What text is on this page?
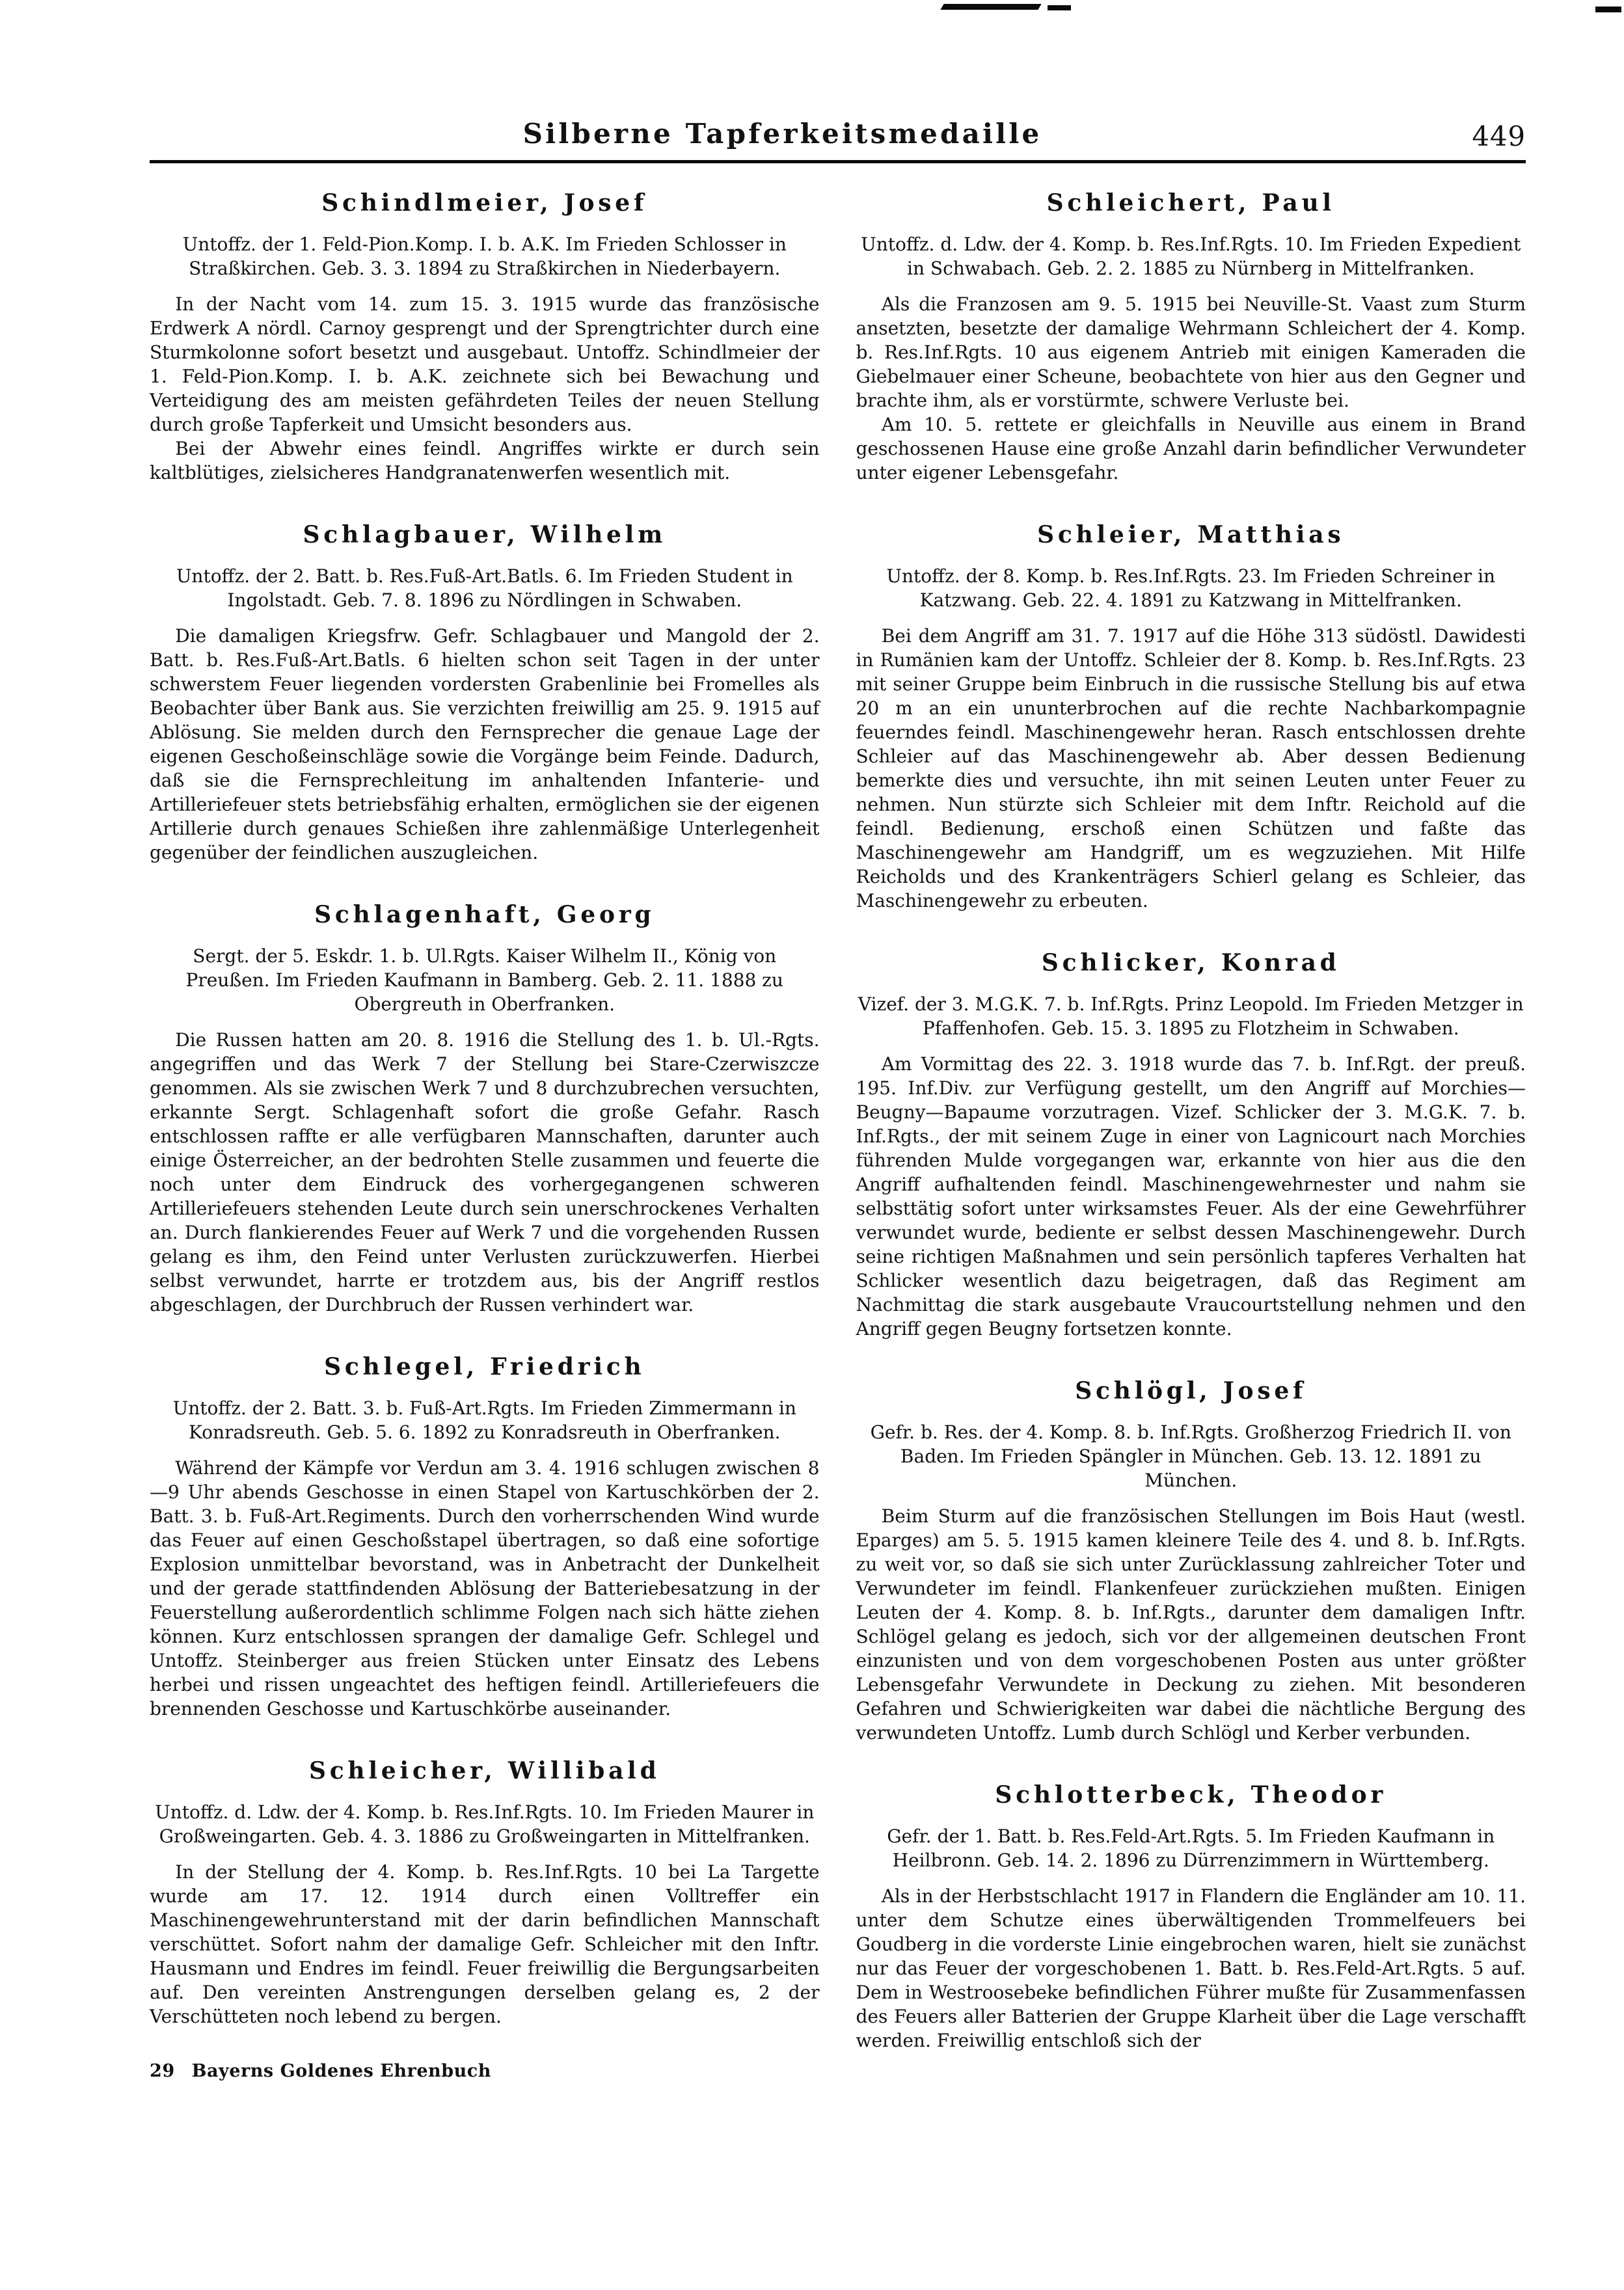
Silberne Tapferkeitsmedaille	449
Schindlmeier, Josef

Untoffz. der 1. Feld-Pion.Komp. I. b. A.K. Im Frieden Schlosser in Straßkirchen. Geb. 3. 3. 1894 zu Straßkirchen in Niederbayern.

In der Nacht vom 14. zum 15. 3. 1915 wurde das französische Erdwerk A nördl. Carnoy gesprengt und der Sprengtrichter durch eine Sturmkolonne sofort besetzt und ausgebaut. Untoffz. Schindlmeier der 1. Feld-Pion.Komp. I. b. A.K. zeichnete sich bei Bewachung und Verteidigung des am meisten gefährdeten Teiles der neuen Stellung durch große Tapferkeit und Umsicht besonders aus.

Bei der Abwehr eines feindl. Angriffes wirkte er durch sein kaltblütiges, zielsicheres Handgranatenwerfen wesentlich mit.

Schlagbauer, Wilhelm

Untoffz. der 2. Batt. b. Res.Fuß-Art.Batls. 6. Im Frieden Student in Ingolstadt. Geb. 7. 8. 1896 zu Nördlingen in Schwaben.

Die damaligen Kriegsfrw. Gefr. Schlagbauer und Mangold der 2. Batt. b. Res.Fuß-Art.Batls. 6 hielten schon seit Tagen in der unter schwerstem Feuer liegenden vordersten Grabenlinie bei Fromelles als Beobachter über Bank aus. Sie verzichten freiwillig am 25. 9. 1915 auf Ablösung. Sie melden durch den Fernsprecher die genaue Lage der eigenen Geschoßeinschläge sowie die Vorgänge beim Feinde. Dadurch, daß sie die Fernsprechleitung im anhaltenden Infanterie- und Artilleriefeuer stets betriebsfähig erhalten, ermöglichen sie der eigenen Artillerie durch genaues Schießen ihre zahlenmäßige Unterlegenheit gegenüber der feindlichen auszugleichen.

Schlagenhaft, Georg

Sergt. der 5. Eskdr. 1. b. Ul.Rgts. Kaiser Wilhelm II., König von Preußen. Im Frieden Kaufmann in Bamberg. Geb. 2. 11. 1888 zu Obergreuth in Oberfranken.

Die Russen hatten am 20. 8. 1916 die Stellung des 1. b. Ul.-Rgts. angegriffen und das Werk 7 der Stellung bei Stare-Czerwiszcze genommen. Als sie zwischen Werk 7 und 8 durchzubrechen versuchten, erkannte Sergt. Schlagenhaft sofort die große Gefahr. Rasch entschlossen raffte er alle verfügbaren Mannschaften, darunter auch einige Österreicher, an der bedrohten Stelle zusammen und feuerte die noch unter dem Eindruck des vorhergegangenen schweren Artilleriefeuers stehenden Leute durch sein unerschrockenes Verhalten an. Durch flankierendes Feuer auf Werk 7 und die vorgehenden Russen gelang es ihm, den Feind unter Verlusten zurückzuwerfen. Hierbei selbst verwundet, harrte er trotzdem aus, bis der Angriff restlos abgeschlagen, der Durchbruch der Russen verhindert war.

Schlegel, Friedrich

Untoffz. der 2. Batt. 3. b. Fuß-Art.Rgts. Im Frieden Zimmermann in Konradsreuth. Geb. 5. 6. 1892 zu Konradsreuth in Oberfranken.

Während der Kämpfe vor Verdun am 3. 4. 1916 schlugen zwischen 8—9 Uhr abends Geschosse in einen Stapel von Kartuschkörben der 2. Batt. 3. b. Fuß-Art.Regiments. Durch den vorherrschenden Wind wurde das Feuer auf einen Geschoßstapel übertragen, so daß eine sofortige Explosion unmittelbar bevorstand, was in Anbetracht der Dunkelheit und der gerade stattfindenden Ablösung der Batteriebesatzung in der Feuerstellung außerordentlich schlimme Folgen nach sich hätte ziehen können. Kurz entschlossen sprangen der damalige Gefr. Schlegel und Untoffz. Steinberger aus freien Stücken unter Einsatz des Lebens herbei und rissen ungeachtet des heftigen feindl. Artilleriefeuers die brennenden Geschosse und Kartuschkörbe auseinander.

Schleicher, Willibald

Untoffz. d. Ldw. der 4. Komp. b. Res.Inf.Rgts. 10. Im Frieden Maurer in Großweingarten. Geb. 4. 3. 1886 zu Großweingarten in Mittelfranken.

In der Stellung der 4. Komp. b. Res.Inf.Rgts. 10 bei La Targette wurde am 17. 12. 1914 durch einen Volltreffer ein Maschinengewehrunterstand mit der darin befindlichen Mannschaft verschüttet. Sofort nahm der damalige Gefr. Schleicher mit den Inftr. Hausmann und Endres im feindl. Feuer freiwillig die Bergungsarbeiten auf. Den vereinten Anstrengungen derselben gelang es, 2 der Verschütteten noch lebend zu bergen.

Schleichert, Paul

Untoffz. d. Ldw. der 4. Komp. b. Res.Inf.Rgts. 10. Im Frieden Expedient in Schwabach. Geb. 2. 2. 1885 zu Nürnberg in Mittelfranken.

Als die Franzosen am 9. 5. 1915 bei Neuville-St. Vaast zum Sturm ansetzten, besetzte der damalige Wehrmann Schleichert der 4. Komp. b. Res.Inf.Rgts. 10 aus eigenem Antrieb mit einigen Kameraden die Giebelmauer einer Scheune, beobachtete von hier aus den Gegner und brachte ihm, als er vorstürmte, schwere Verluste bei.

Am 10. 5. rettete er gleichfalls in Neuville aus einem in Brand geschossenen Hause eine große Anzahl darin befindlicher Verwundeter unter eigener Lebensgefahr.

Schleier, Matthias

Untoffz. der 8. Komp. b. Res.Inf.Rgts. 23. Im Frieden Schreiner in Katzwang. Geb. 22. 4. 1891 zu Katzwang in Mittelfranken.

Bei dem Angriff am 31. 7. 1917 auf die Höhe 313 südöstl. Dawidesti in Rumänien kam der Untoffz. Schleier der 8. Komp. b. Res.Inf.Rgts. 23 mit seiner Gruppe beim Einbruch in die russische Stellung bis auf etwa 20 m an ein ununterbrochen auf die rechte Nachbarkompagnie feuerndes feindl. Maschinengewehr heran. Rasch entschlossen drehte Schleier auf das Maschinengewehr ab. Aber dessen Bedienung bemerkte dies und versuchte, ihn mit seinen Leuten unter Feuer zu nehmen. Nun stürzte sich Schleier mit dem Inftr. Reichold auf die feindl. Bedienung, erschoß einen Schützen und faßte das Maschinengewehr am Handgriff, um es wegzuziehen. Mit Hilfe Reicholds und des Krankenträgers Schierl gelang es Schleier, das Maschinengewehr zu erbeuten.

Schlicker, Konrad

Vizef. der 3. M.G.K. 7. b. Inf.Rgts. Prinz Leopold. Im Frieden Metzger in Pfaffenhofen. Geb. 15. 3. 1895 zu Flotzheim in Schwaben.

Am Vormittag des 22. 3. 1918 wurde das 7. b. Inf.Rgt. der preuß. 195. Inf.Div. zur Verfügung gestellt, um den Angriff auf Morchies—Beugny—Bapaume vorzutragen. Vizef. Schlicker der 3. M.G.K. 7. b. Inf.Rgts., der mit seinem Zuge in einer von Lagnicourt nach Morchies führenden Mulde vorgegangen war, erkannte von hier aus die den Angriff aufhaltenden feindl. Maschinengewehrnester und nahm sie selbsttätig sofort unter wirksamstes Feuer. Als der eine Gewehrführer verwundet wurde, bediente er selbst dessen Maschinengewehr. Durch seine richtigen Maßnahmen und sein persönlich tapferes Verhalten hat Schlicker wesentlich dazu beigetragen, daß das Regiment am Nachmittag die stark ausgebaute Vraucourtstellung nehmen und den Angriff gegen Beugny fortsetzen konnte.

Schlögl, Josef

Gefr. b. Res. der 4. Komp. 8. b. Inf.Rgts. Großherzog Friedrich II. von Baden. Im Frieden Spängler in München. Geb. 13. 12. 1891 zu München.

Beim Sturm auf die französischen Stellungen im Bois Haut (westl. Eparges) am 5. 5. 1915 kamen kleinere Teile des 4. und 8. b. Inf.Rgts. zu weit vor, so daß sie sich unter Zurücklassung zahlreicher Toter und Verwundeter im feindl. Flankenfeuer zurückziehen mußten. Einigen Leuten der 4. Komp. 8. b. Inf.Rgts., darunter dem damaligen Inftr. Schlögel gelang es jedoch, sich vor der allgemeinen deutschen Front einzunisten und von dem vorgeschobenen Posten aus unter größter Lebensgefahr Verwundete in Deckung zu ziehen. Mit besonderen Gefahren und Schwierigkeiten war dabei die nächtliche Bergung des verwundeten Untoffz. Lumb durch Schlögl und Kerber verbunden.

Schlotterbeck, Theodor

Gefr. der 1. Batt. b. Res.Feld-Art.Rgts. 5. Im Frieden Kaufmann in Heilbronn. Geb. 14. 2. 1896 zu Dürrenzimmern in Württemberg.

Als in der Herbstschlacht 1917 in Flandern die Engländer am 10. 11. unter dem Schutze eines überwältigenden Trommelfeuers bei Goudberg in die vorderste Linie eingebrochen waren, hielt sie zunächst nur das Feuer der vorgeschobenen 1. Batt. b. Res.Feld-Art.Rgts. 5 auf. Dem in Westroosebeke befindlichen Führer mußte für Zusammenfassen des Feuers aller Batterien der Gruppe Klarheit über die Lage verschafft werden. Freiwillig entschloß sich der

29 Bayerns Goldenes Ehrenbuch
